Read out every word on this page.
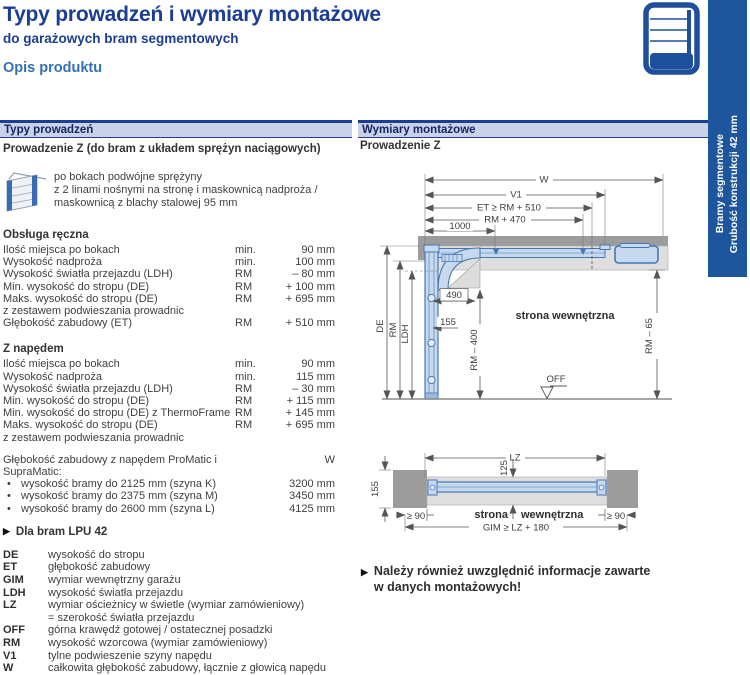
Typy prowadzeń i wymiary montażowe
do garażowych bram segmentowych
Opis produktu
Bramy segmentowe Grubość konstrukcji 42 mm
Typy prowadzeń	Wymiary montażowe
Prowadzenie Z (do bram z układem sprężyn naciągowych)
po bokach podwójne sprężyny
z 2 linami nośnymi na stronę i maskownicą nadproża /
maskownicą z blachy stalowej 95 mm
Obsługa ręczna
Ilość miejsca po bokach	min.	90 mm
Wysokość nadproża	min.	100 mm
Wysokość światła przejazdu (LDH)	RM	– 80 mm
Min. wysokość do stropu (DE)	RM	+ 100 mm
Maks. wysokość do stropu (DE)	RM	+ 695 mm
z zestawem podwieszania prowadnic
Głębokość zabudowy (ET)	RM	+ 510 mm
Z napędem
Ilość miejsca po bokach	min.	90 mm
Wysokość nadproża	min.	115 mm
Wysokość światła przejazdu (LDH)	RM	– 30 mm
Min. wysokość do stropu (DE)	RM	+ 115 mm
Min. wysokość do stropu (DE) z ThermoFrame RM	+ 145 mm
Maks. wysokość do stropu (DE)	RM	+ 695 mm
z zestawem podwieszania prowadnic
Głębokość zabudowy z napędem ProMatic i SupraMatic:
W
• wysokość bramy do 2125 mm (szyna K)	3200 mm
• wysokość bramy do 2375 mm (szyna M)	3450 mm
• wysokość bramy do 2600 mm (szyna L)	4125 mm
▶ Dla bram LPU 42
DE	wysokość do stropu
ET	głębokość zabudowy
GIM	wymiar wewnętrzny garażu
LDH	wysokość światła przejazdu
LZ	wymiar ościeżnicy w świetle (wymiar zamówieniowy)
= szerokość światła przejazdu
OFF	górna krawędź gotowej / ostatecznej posadzki
RM	wysokość wzorcowa (wymiar zamówieniowy)
V1	tylne podwieszenie szyny napędu
W	całkowita głębokość zabudowy, łącznie z głowicą napędu
Prowadzenie Z
W
V1
ET ≥ RM + 510
RM + 470
1000
DE RM LDH
490
155
RM – 400	RM – 65
strona wewnętrzna
OFF
LZ
125
155
≥ 90	≥ 90
strona wewnętrzna
GIM ≥ LZ + 180
▶ Należy również uwzględnić informacje zawarte
w danych montażowych!
